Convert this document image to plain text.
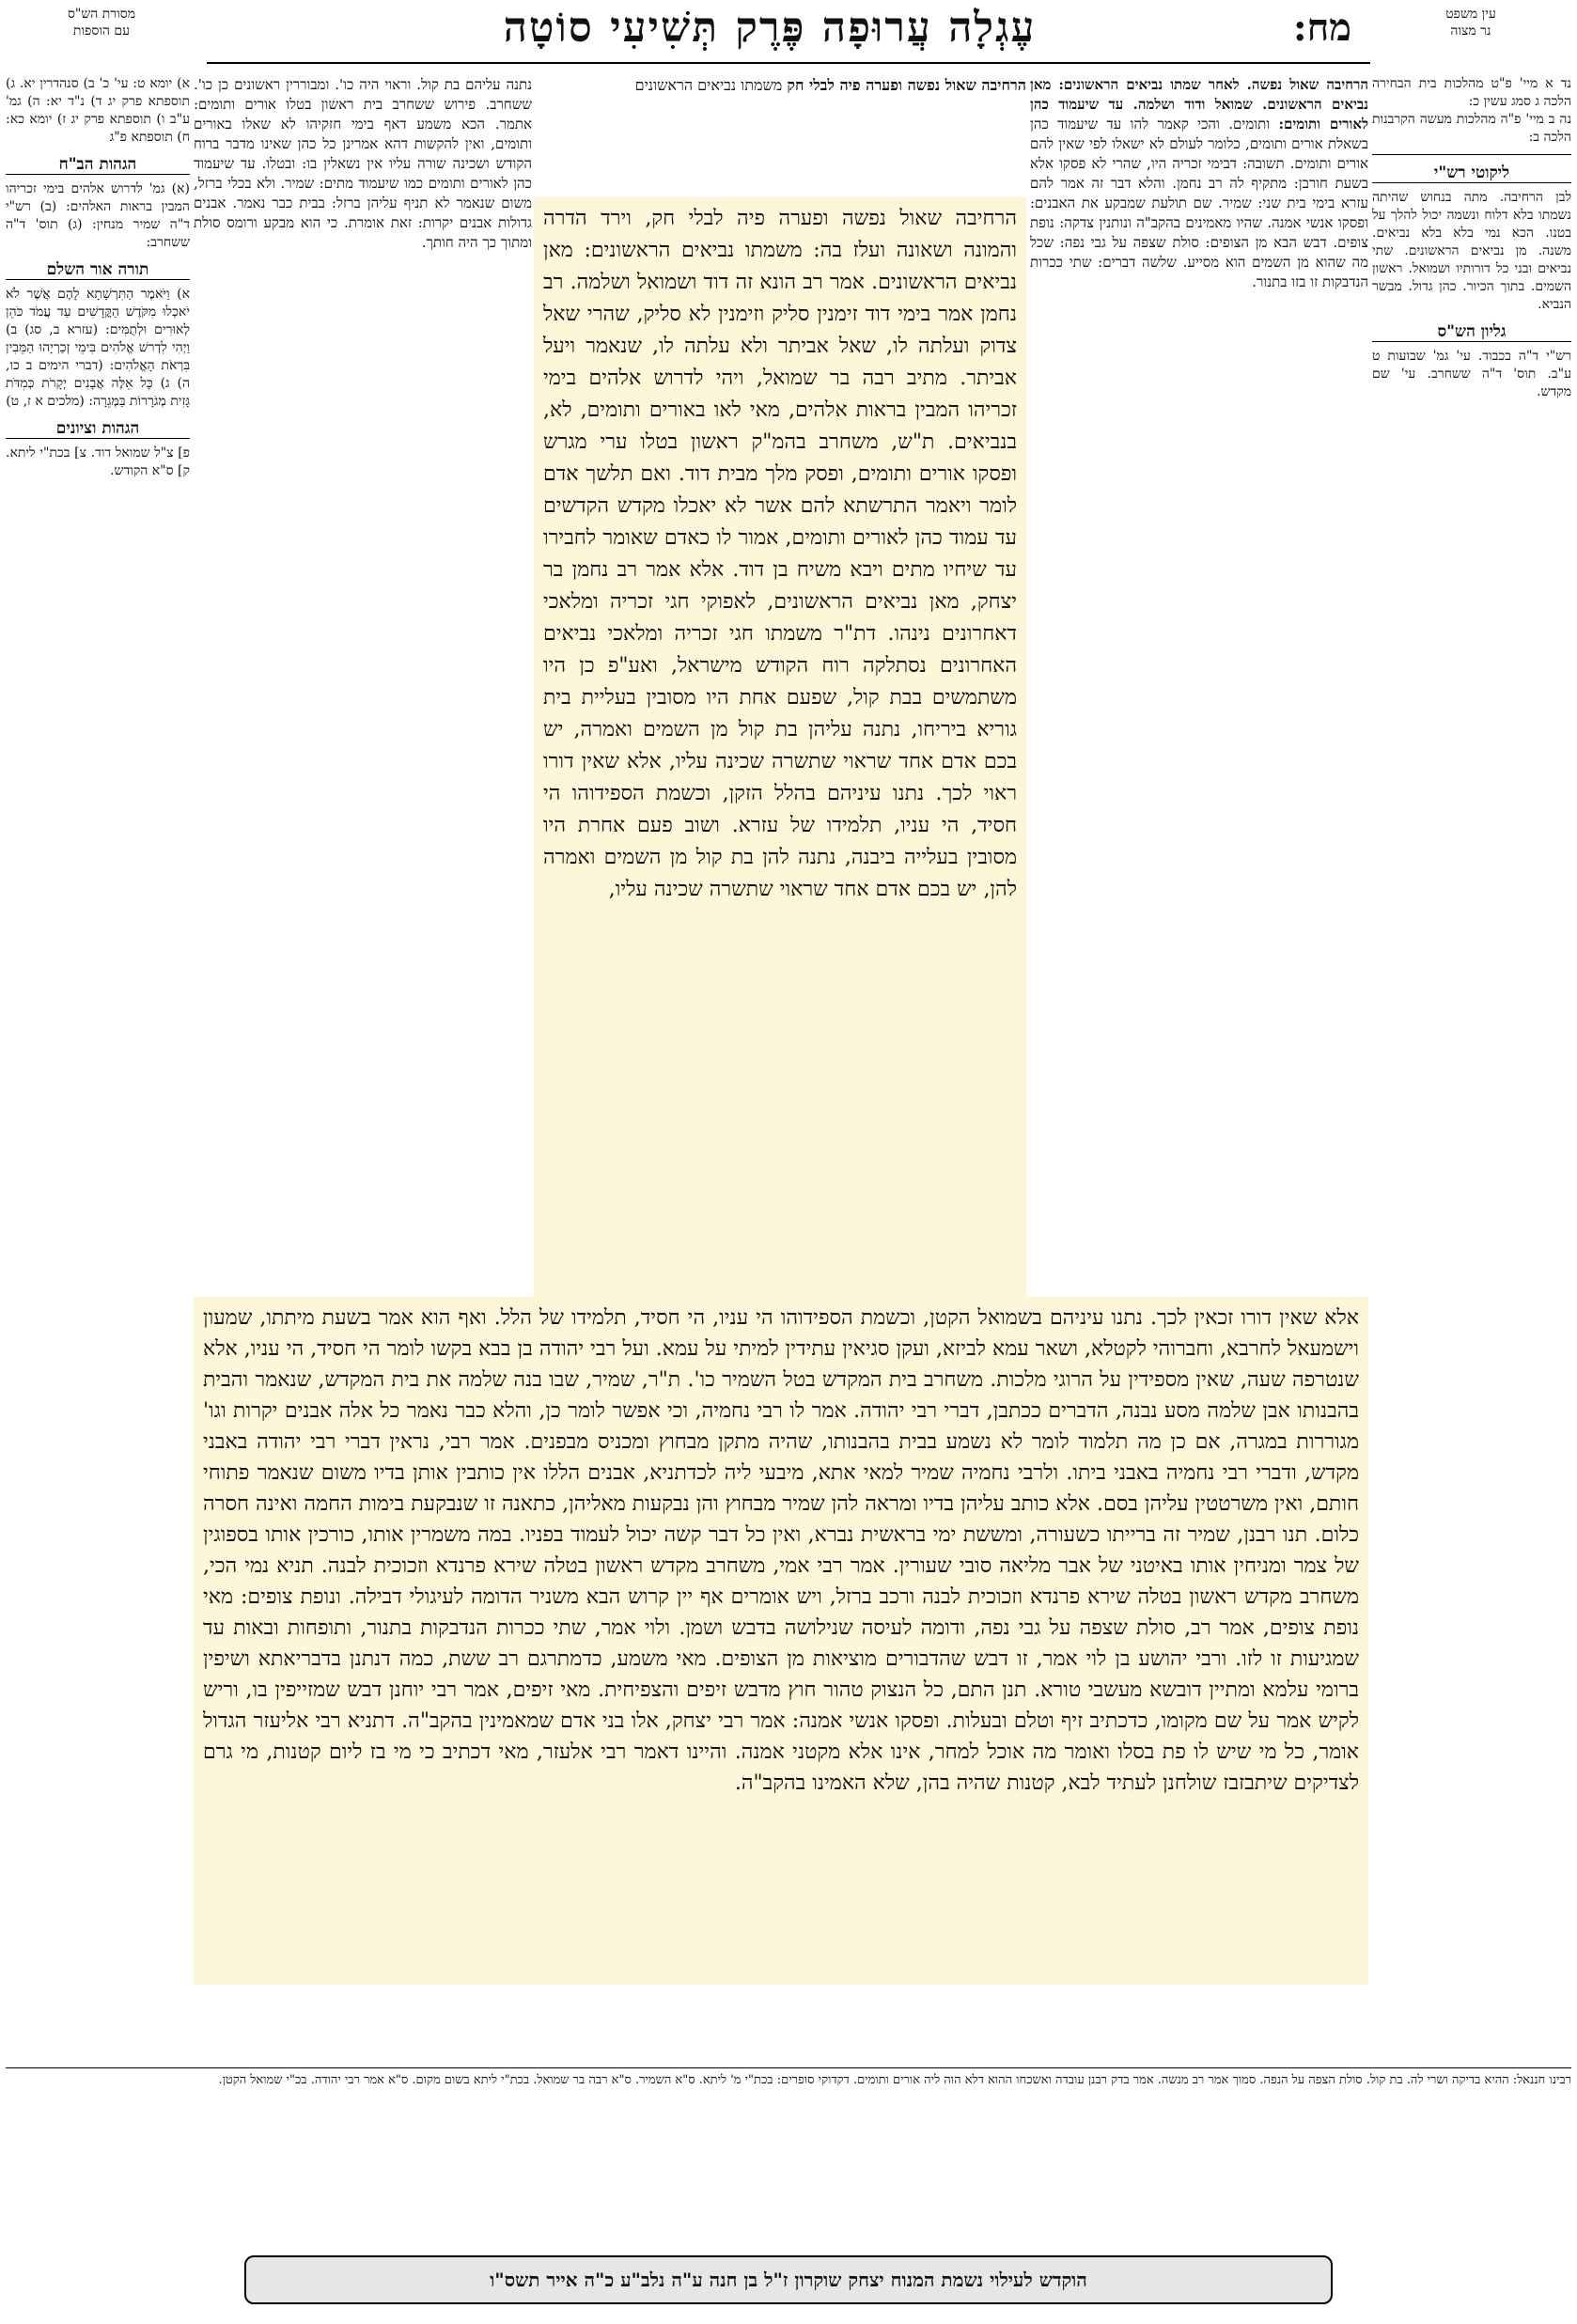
עין משפט
נר מצוה
מח:
עֶגְלָה עֲרוּפָה פֶּרֶק תְּשִׁיעִי סוֹטָה
מסורת הש"ס
עם הוספות
נד א מיי' פ"ט מהלכות בית הבחירה הלכה ג סמג עשין כ:
נה ב מיי' פ"ה מהלכות מעשה הקרבנות הלכה ב:
ליקוטי רש"י
לבן הרחיבה. מתה בנחוש שהיתה נשמתו בלא דלוח ונשמה יכול להלך על בטנו. הכא נמי בלא בלא נביאים. משנה. מן נביאים הראשונים. שתי נביאים ובני כל דורותיו ושמואל. ראשון השמים. בתוך הכיור. כהן גדול. מבשר הנביא.
גליון הש"ס
רש"י ד"ה בכבוד. עי' גמ' שבועות ט ע"ב. תוס' ד"ה ששחרב. עי' שם מקדש.
א) יומא ט: עי' כ' ב) סנהדרין יא. ג) תוספתא פרק יג ד) נ"ד יא: ה) גמ' ע"ב ו) תוספתא פרק יג ז) יומא כא: ח) תוספתא פ"ג
הגהות הב"ח
(א) גמ' לדרוש אלהים בימי זכריהו המבין בראות האלהים: (ב) רש"י ד"ה שמיר מנחין: (ג) תוס' ד"ה ששחרב:
תורה אור השלם
א) וַיֹּאמֶר הַתִּרְשָׁתָא לָהֶם אֲשֶׁר לֹא יֹאכְלוּ מִקֹּדֶשׁ הַקֳּדָשִׁים עַד עֲמֹד כֹּהֵן לְאוּרִים וּלְתֻמִּים: (עזרא ב, סג) ב) וַיְהִי לִדְרשׁ אֱלֹהִים בִּימֵי זְכַרְיָהוּ הַמֵּבִין בִּרְאֹת הָאֱלֹהִים: (דברי הימים ב כו, ה) ג) כָּל אֵלֶּה אֲבָנִים יְקָרֹת כְּמִדֹּת גָּזִית מְגֹרָרוֹת בַּמְּגֵרָה: (מלכים א ז, ט)
הגהות וציונים
פ] צ"ל שמואל דוד. צ] בכת"י ליתא. ק] ס"א הקודש.
הרחיבה שאול נפשה. לאחר שמתו נביאים הראשונים: מאן נביאים הראשונים. שמואל ודוד ושלמה. עד שיעמוד כהן לאורים ותומים: ותומים. והכי קאמר להו עד שיעמוד כהן בשאלת אורים ותומים, כלומר לעולם לא ישאלו לפי שאין להם אורים ותומים. תשובה: דבימי זכריה היו, שהרי לא פסקו אלא בשעת חורבן: מתקיף לה רב נחמן. והלא דבר זה אמר להם עזרא בימי בית שני: שמיר. שם תולעת שמבקע את האבנים: ופסקו אנשי אמנה. שהיו מאמינים בהקב"ה ונותנין צדקה: נופת צופים. דבש הבא מן הצופים: סולת שצפה על גבי נפה: שכל מה שהוא מן השמים הוא מסייע. שלשה דברים: שתי ככרות הנדבקות זו בזו בתנור.
נתנה עליהם בת קול. וראוי היה כו'. ומבוררין ראשונים כן כו'. ששחרב. פירוש ששחרב בית ראשון בטלו אורים ותומים: אתמר. הכא משמע דאף בימי חזקיהו לא שאלו באורים ותומים, ואין להקשות דהא אמרינן כל כהן שאינו מדבר ברוח הקודש ושכינה שורה עליו אין נשאלין בו: ובטלו. עד שיעמוד כהן לאורים ותומים כמו שיעמוד מתים: שמיר. ולא בכלי ברזל, משום שנאמר לא תניף עליהן ברזל: בבית כבר נאמר. אבנים גדולות אבנים יקרות: זאת אומרת. כי הוא מבקע ורומס סולת ומתוך כך היה חותך.
הרחיבה שאול נפשה ופערה פיה לבלי חק משמתו נביאים הראשונים
הרחיבה שאול נפשה ופערה פיה לבלי חק, וירד הדרה והמונה ושאונה ועלז בה: משמתו נביאים הראשונים: מאן נביאים הראשונים. אמר רב הונא זה דוד ושמואל ושלמה. רב נחמן אמר בימי דוד זימנין סליק וזימנין לא סליק, שהרי שאל צדוק ועלתה לו, שאל אביתר ולא עלתה לו, שנאמר ויעל אביתר. מתיב רבה בר שמואל, ויהי לדרוש אלהים בימי זכריהו המבין בראות אלהים, מאי לאו באורים ותומים, לא, בנביאים. ת"ש, משחרב בהמ"ק ראשון בטלו ערי מגרש ופסקו אורים ותומים, ופסק מלך מבית דוד. ואם תלשך אדם לומר ויאמר התרשתא להם אשר לא יאכלו מקדש הקדשים עד עמוד כהן לאורים ותומים, אמור לו כאדם שאומר לחבירו עד שיחיו מתים ויבא משיח בן דוד. אלא אמר רב נחמן בר יצחק, מאן נביאים הראשונים, לאפוקי חגי זכריה ומלאכי דאחרונים נינהו. דת"ר משמתו חגי זכריה ומלאכי נביאים האחרונים נסתלקה רוח הקודש מישראל, ואע"פ כן היו משתמשים בבת קול, שפעם אחת היו מסובין בעליית בית גוריא ביריחו, נתנה עליהן בת קול מן השמים ואמרה, יש בכם אדם אחד שראוי שתשרה שכינה עליו, אלא שאין דורו ראוי לכך. נתנו עיניהם בהלל הזקן, וכשמת הספידוהו הי חסיד, הי עניו, תלמידו של עזרא. ושוב פעם אחרת היו מסובין בעלייה ביבנה, נתנה להן בת קול מן השמים ואמרה להן, יש בכם אדם אחד שראוי שתשרה שכינה עליו,
אלא שאין דורו זכאין לכך. נתנו עיניהם בשמואל הקטן, וכשמת הספידוהו הי עניו, הי חסיד, תלמידו של הלל. ואף הוא אמר בשעת מיתתו, שמעון וישמעאל לחרבא, וחברוהי לקטלא, ושאר עמא לביזא, ועקן סגיאין עתידין למיתי על עמא. ועל רבי יהודה בן בבא בקשו לומר הי חסיד, הי עניו, אלא שנטרפה שעה, שאין מספידין על הרוגי מלכות. משחרב בית המקדש בטל השמיר כו'. ת"ר, שמיר, שבו בנה שלמה את בית המקדש, שנאמר והבית בהבנותו אבן שלמה מסע נבנה, הדברים ככתבן, דברי רבי יהודה. אמר לו רבי נחמיה, וכי אפשר לומר כן, והלא כבר נאמר כל אלה אבנים יקרות וגו' מגוררות במגרה, אם כן מה תלמוד לומר לא נשמע בבית בהבנותו, שהיה מתקן מבחוץ ומכניס מבפנים. אמר רבי, נראין דברי רבי יהודה באבני מקדש, ודברי רבי נחמיה באבני ביתו. ולרבי נחמיה שמיר למאי אתא, מיבעי ליה לכדתניא, אבנים הללו אין כותבין אותן בדיו משום שנאמר פתוחי חותם, ואין משרטטין עליהן בסם. אלא כותב עליהן בדיו ומראה להן שמיר מבחוץ והן נבקעות מאליהן, כתאנה זו שנבקעת בימות החמה ואינה חסרה כלום. תנו רבנן, שמיר זה ברייתו כשעורה, ומששת ימי בראשית נברא, ואין כל דבר קשה יכול לעמוד בפניו. במה משמרין אותו, כורכין אותו בספוגין של צמר ומניחין אותו באיטני של אבר מליאה סובי שעורין. אמר רבי אמי, משחרב מקדש ראשון בטלה שירא פרנדא וזכוכית לבנה. תניא נמי הכי, משחרב מקדש ראשון בטלה שירא פרנדא וזכוכית לבנה ורכב ברזל, ויש אומרים אף יין קרוש הבא משניר הדומה לעיגולי דבילה. ונופת צופים: מאי נופת צופים, אמר רב, סולת שצפה על גבי נפה, ודומה לעיסה שנילושה בדבש ושמן. ולוי אמר, שתי ככרות הנדבקות בתנור, ותופחות ובאות עד שמגיעות זו לזו. ורבי יהושע בן לוי אמר, זו דבש שהדבורים מוציאות מן הצופים. מאי משמע, כדמתרגם רב ששת, כמה דנתנן בדבריאתא ושיפין ברומי עלמא ומתיין דובשא מעשבי טורא. תנן התם, כל הנצוק טהור חוץ מדבש זיפים והצפיחית. מאי זיפים, אמר רבי יוחנן דבש שמזייפין בו, וריש לקיש אמר על שם מקומו, כדכתיב זיף וטלם ובעלות. ופסקו אנשי אמנה: אמר רבי יצחק, אלו בני אדם שמאמינין בהקב"ה. דתניא רבי אליעזר הגדול אומר, כל מי שיש לו פת בסלו ואומר מה אוכל למחר, אינו אלא מקטני אמנה. והיינו דאמר רבי אלעזר, מאי דכתיב כי מי בז ליום קטנות, מי גרם לצדיקים שיתבזבז שולחנן לעתיד לבא, קטנות שהיה בהן, שלא האמינו בהקב"ה.
רבינו חננאל: ההיא בדיקה ושרי לה. בת קול. סולת הצפה על הנפה. סמוך אמר רב מנשה. אמר בדק רבנן עובדה ואשכחו ההוא דלא הוה ליה אורים ותומים. דקדוקי סופרים: בכת"י מ' ליתא. ס"א השמיר. ס"א רבה בר שמואל. בכת"י ליתא בשום מקום. ס"א אמר רבי יהודה. בכ"י שמואל הקטן.
הוקדש לעילוי נשמת המנוח יצחק שוקרון ז"ל בן חנה ע"ה נלב"ע כ"ה אייר תשס"ו
